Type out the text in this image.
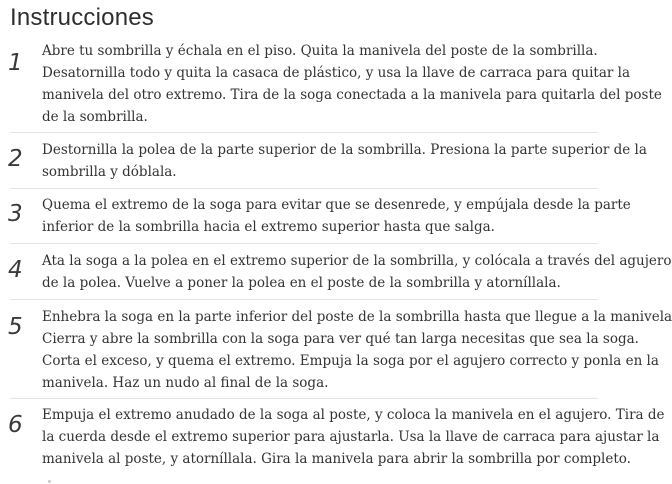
Instrucciones
1	Abre tu sombrilla y échala en el piso. Quita la manivela del poste de la sombrilla.
Desatornilla todo y quita la casaca de plástico, y usa la llave de carraca para quitar la
manivela del otro extremo. Tira de la soga conectada a la manivela para quitarla del poste
de la sombrilla.

2	Destornilla la polea de la parte superior de la sombrilla. Presiona la parte superior de la
sombrilla y dóblala.

3	Quema el extremo de la soga para evitar que se desenrede, y empújala desde la parte
inferior de la sombrilla hacia el extremo superior hasta que salga.

4	Ata la soga a la polea en el extremo superior de la sombrilla, y colócala a través del agujero
de la polea. Vuelve a poner la polea en el poste de la sombrilla y atorníllala.

5	Enhebra la soga en la parte inferior del poste de la sombrilla hasta que llegue a la manivela
Cierra y abre la sombrilla con la soga para ver qué tan larga necesitas que sea la soga.
Corta el exceso, y quema el extremo. Empuja la soga por el agujero correcto y ponla en la
manivela. Haz un nudo al final de la soga.

6	Empuja el extremo anudado de la soga al poste, y coloca la manivela en el agujero. Tira de
la cuerda desde el extremo superior para ajustarla. Usa la llave de carraca para ajustar la
manivela al poste, y atorníllala. Gira la manivela para abrir la sombrilla por completo.
